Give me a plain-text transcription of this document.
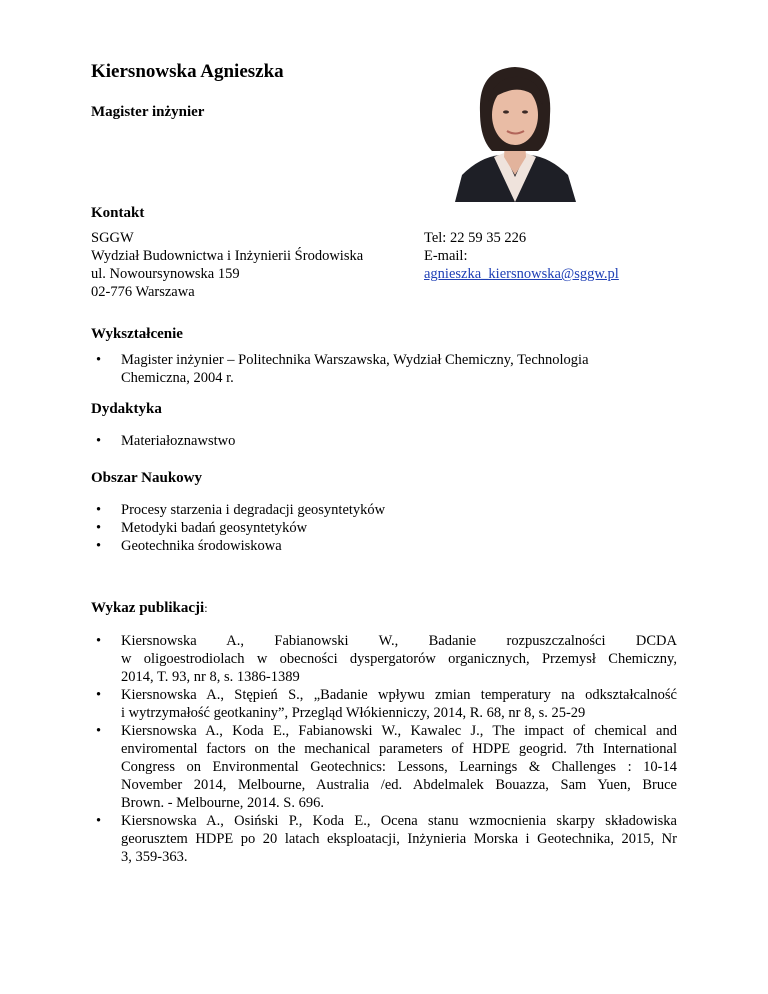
Kiersnowska Agnieszka
Magister inżynier
Kontakt
SGGW
Wydział Budownictwa i Inżynierii Środowiska
ul. Nowoursynowska 159
02-776 Warszawa
Tel: 22 59 35 226
E-mail:
agnieszka_kiersnowska@sggw.pl
Wykształcenie
• Magister inżynier – Politechnika Warszawska, Wydział Chemiczny, Technologia
Chemiczna, 2004 r.
Dydaktyka
• Materiałoznawstwo
Obszar Naukowy
• Procesy starzenia i degradacji geosyntetyków
• Metodyki badań geosyntetyków
• Geotechnika środowiskowa
Wykaz publikacji:
• Kiersnowska A., Fabianowski W., Badanie rozpuszczalności DCDA
w oligoestrodiolach w obecności dyspergatorów organicznych, Przemysł Chemiczny,
2014, T. 93, nr 8, s. 1386-1389
• Kiersnowska A., Stępień S., „Badanie wpływu zmian temperatury na odkształcalność
i wytrzymałość geotkaniny”, Przegląd Włókienniczy, 2014, R. 68, nr 8, s. 25-29
• Kiersnowska A., Koda E., Fabianowski W., Kawalec J., The impact of chemical and
enviromental factors on the mechanical parameters of HDPE geogrid. 7th International
Congress on Environmental Geotechnics: Lessons, Learnings & Challenges : 10-14
November 2014, Melbourne, Australia /ed. Abdelmalek Bouazza, Sam Yuen, Bruce
Brown. - Melbourne, 2014. S. 696.
• Kiersnowska A., Osiński P., Koda E., Ocena stanu wzmocnienia skarpy składowiska
georusztem HDPE po 20 latach eksploatacji, Inżynieria Morska i Geotechnika, 2015, Nr
3, 359-363.
